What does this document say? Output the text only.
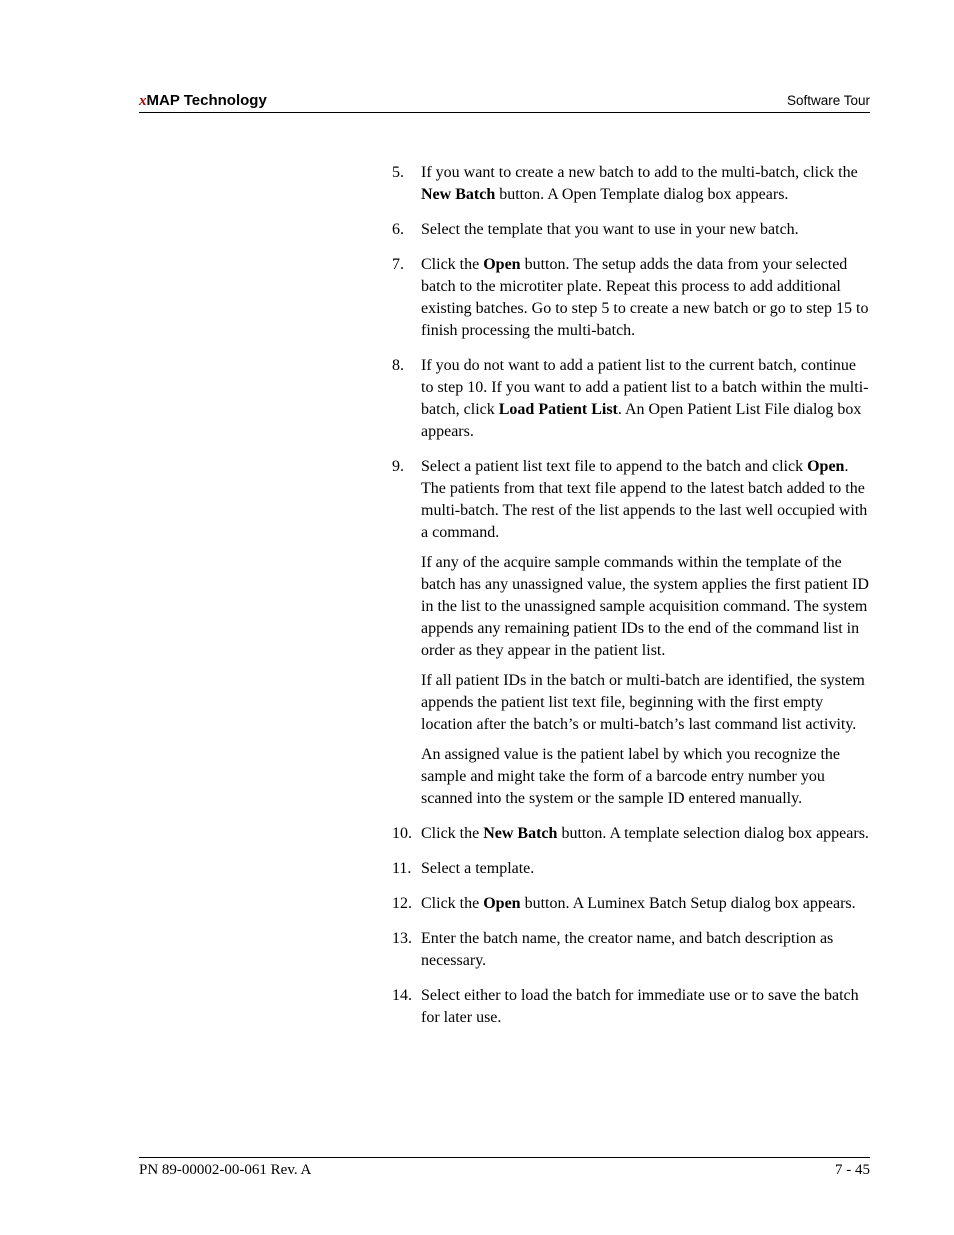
xMAP Technology	Software Tour
5. If you want to create a new batch to add to the multi-batch, click the New Batch button. A Open Template dialog box appears.

6. Select the template that you want to use in your new batch.

7. Click the Open button. The setup adds the data from your selected batch to the microtiter plate. Repeat this process to add additional existing batches. Go to step 5 to create a new batch or go to step 15 to finish processing the multi-batch.

8. If you do not want to add a patient list to the current batch, continue to step 10. If you want to add a patient list to a batch within the multi-batch, click Load Patient List. An Open Patient List File dialog box appears.

9. Select a patient list text file to append to the batch and click Open. The patients from that text file append to the latest batch added to the multi-batch. The rest of the list appends to the last well occupied with a command.

If any of the acquire sample commands within the template of the batch has any unassigned value, the system applies the first patient ID in the list to the unassigned sample acquisition command. The system appends any remaining patient IDs to the end of the command list in order as they appear in the patient list.

If all patient IDs in the batch or multi-batch are identified, the system appends the patient list text file, beginning with the first empty location after the batch’s or multi-batch’s last command list activity.

An assigned value is the patient label by which you recognize the sample and might take the form of a barcode entry number you scanned into the system or the sample ID entered manually.

10. Click the New Batch button. A template selection dialog box appears.

11. Select a template.

12. Click the Open button. A Luminex Batch Setup dialog box appears.

13. Enter the batch name, the creator name, and batch description as necessary.

14. Select either to load the batch for immediate use or to save the batch for later use.

PN 89-00002-00-061 Rev. A	7 - 45
